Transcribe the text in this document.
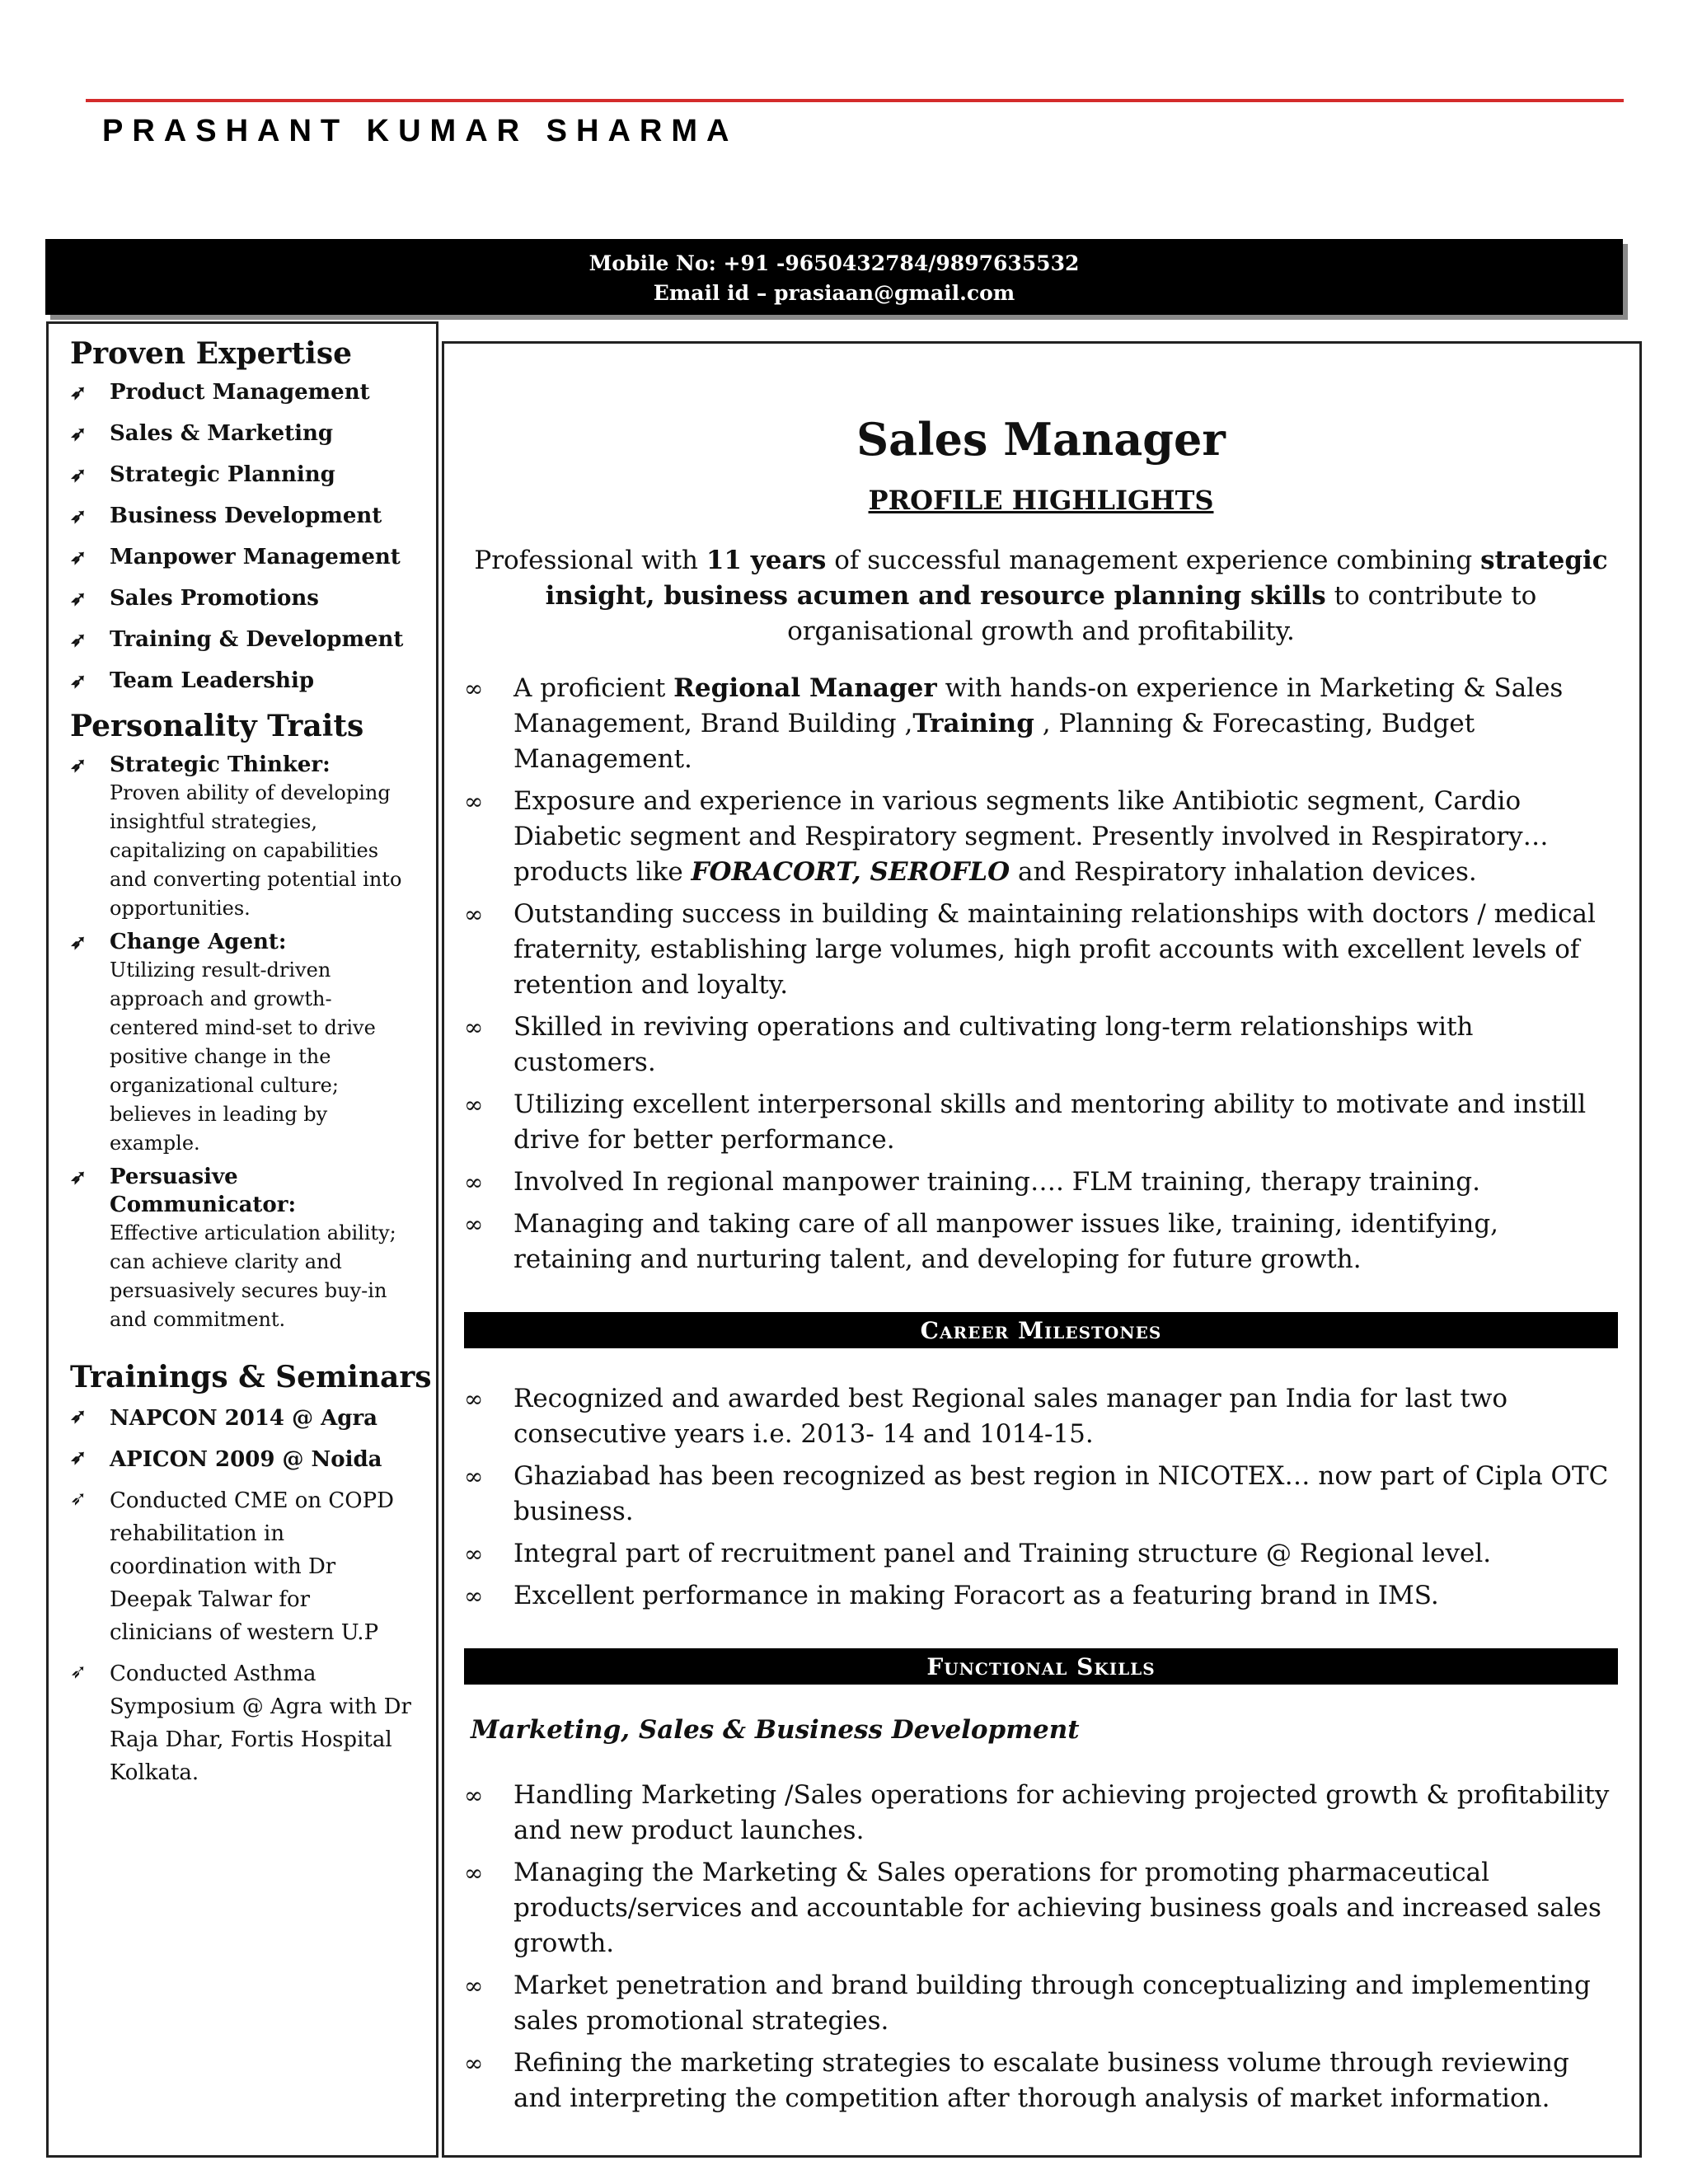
PRASHANT KUMAR SHARMA
Mobile No: +91 -9650432784/9897635532
Email id – prasiaan@gmail.com
Proven Expertise
➶	Product Management
➶	Sales & Marketing
➶	Strategic Planning
➶	Business Development
➶	Manpower Management
➶	Sales Promotions
➶	Training & Development
➶	Team Leadership
Personality Traits
➶	Strategic Thinker:
Proven ability of developing insightful strategies, capitalizing on capabilities and converting potential into opportunities.
➶	Change Agent:
Utilizing result-driven approach and growth-centered mind-set to drive positive change in the organizational culture; believes in leading by example.
➶	Persuasive Communicator:
Effective articulation ability; can achieve clarity and persuasively secures buy-in and commitment.
Trainings & Seminars
➶	NAPCON 2014 @ Agra
➶	APICON 2009 @ Noida
➶	Conducted CME on COPD rehabilitation in coordination with Dr Deepak Talwar for clinicians of western U.P
➶	Conducted Asthma Symposium @ Agra with Dr Raja Dhar, Fortis Hospital Kolkata.
Sales Manager
PROFILE HIGHLIGHTS
Professional with 11 years of successful management experience combining strategic insight, business acumen and resource planning skills to contribute to organisational growth and profitability.
∞	A proficient Regional Manager with hands-on experience in Marketing & Sales Management, Brand Building ,Training , Planning & Forecasting, Budget Management.
∞	Exposure and experience in various segments like Antibiotic segment, Cardio Diabetic segment and Respiratory segment. Presently involved in Respiratory… products like FORACORT, SEROFLO and Respiratory inhalation devices.
∞	Outstanding success in building & maintaining relationships with doctors / medical fraternity, establishing large volumes, high profit accounts with excellent levels of retention and loyalty.
∞	Skilled in reviving operations and cultivating long-term relationships with customers.
∞	Utilizing excellent interpersonal skills and mentoring ability to motivate and instill drive for better performance.
∞	Involved In regional manpower training…. FLM training, therapy training.
∞	Managing and taking care of all manpower issues like, training, identifying, retaining and nurturing talent, and developing for future growth.
Career Milestones
∞	Recognized and awarded best Regional sales manager pan India for last two consecutive years i.e. 2013- 14 and 1014-15.
∞	Ghaziabad has been recognized as best region in NICOTEX… now part of Cipla OTC business.
∞	Integral part of recruitment panel and Training structure @ Regional level.
∞	Excellent performance in making Foracort as a featuring brand in IMS.
Functional Skills
Marketing, Sales & Business Development
∞	Handling Marketing /Sales operations for achieving projected growth & profitability and new product launches.
∞	Managing the Marketing & Sales operations for promoting pharmaceutical products/services and accountable for achieving business goals and increased sales growth.
∞	Market penetration and brand building through conceptualizing and implementing sales promotional strategies.
∞	Refining the marketing strategies to escalate business volume through reviewing and interpreting the competition after thorough analysis of market information.
